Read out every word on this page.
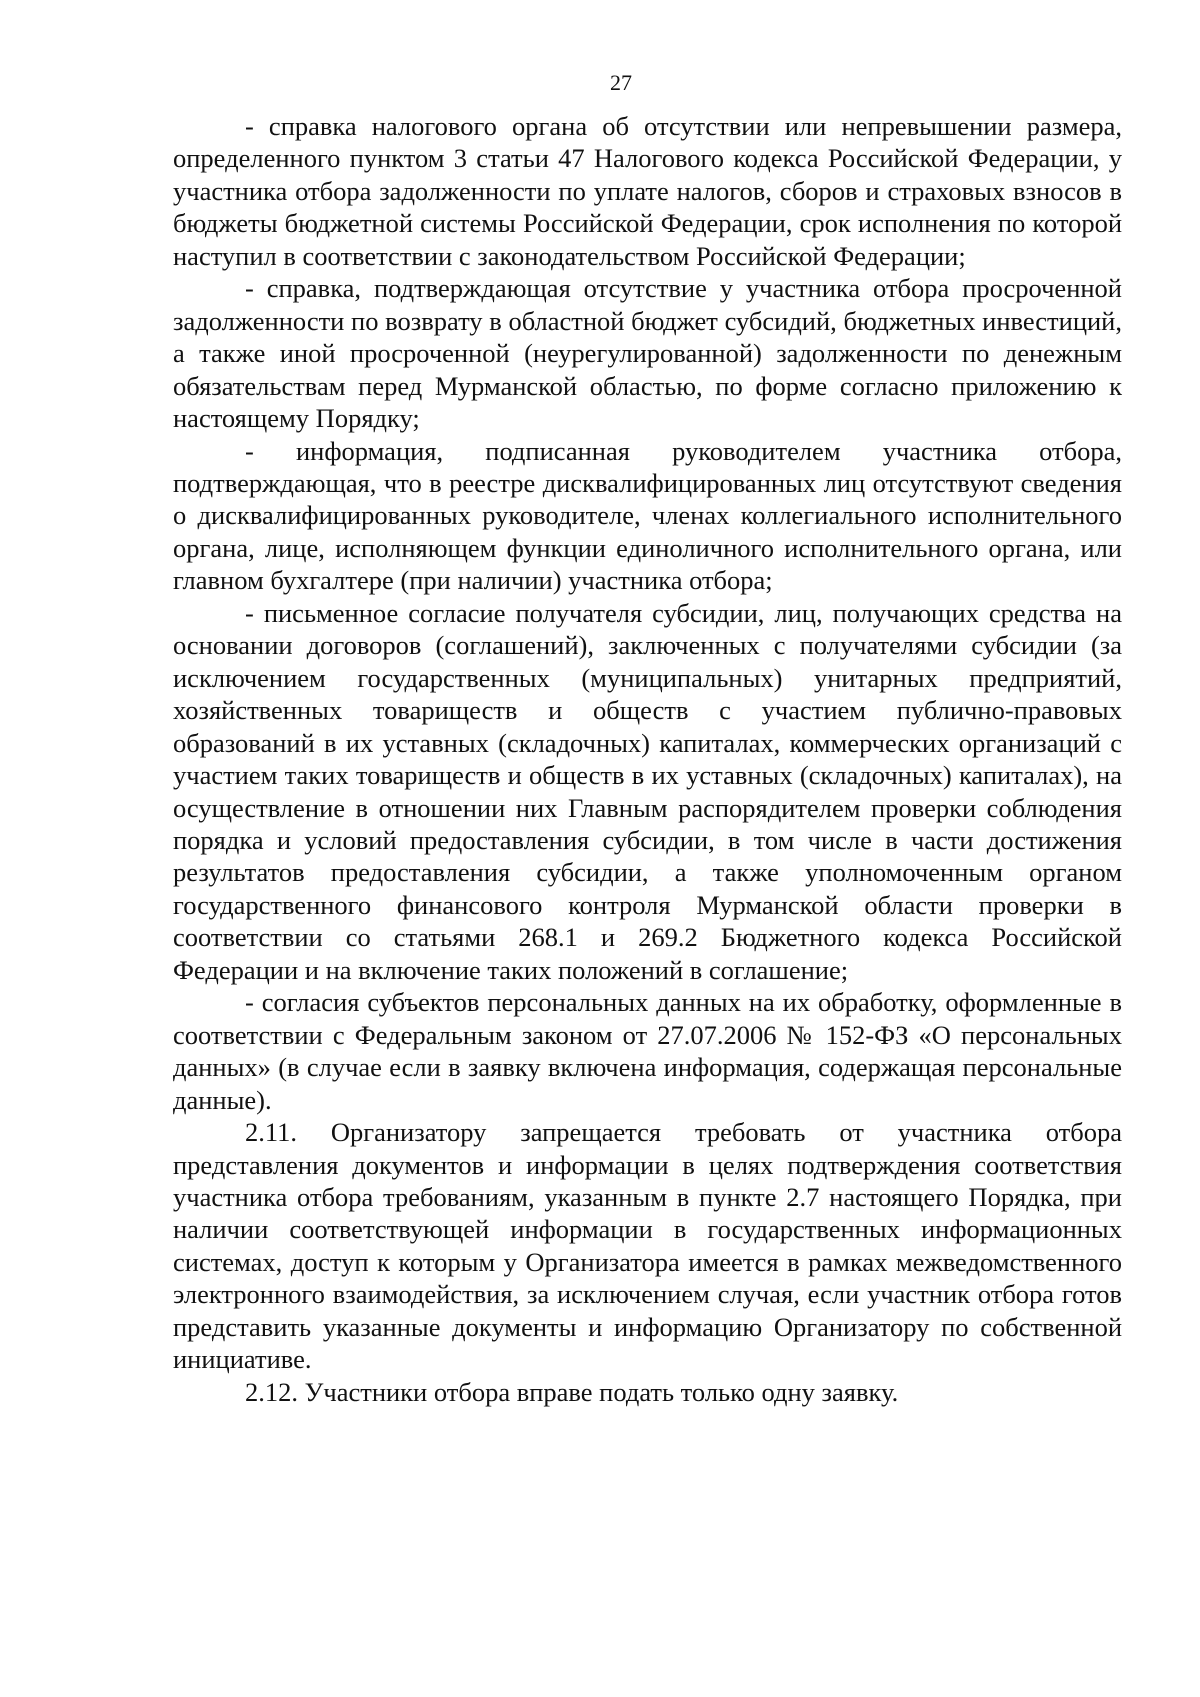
27

- справка налогового органа об отсутствии или непревышении размера, определенного пунктом 3 статьи 47 Налогового кодекса Российской Федерации, у участника отбора задолженности по уплате налогов, сборов и страховых взносов в бюджеты бюджетной системы Российской Федерации, срок исполнения по которой наступил в соответствии с законодательством Российской Федерации;

- справка, подтверждающая отсутствие у участника отбора просроченной задолженности по возврату в областной бюджет субсидий, бюджетных инвестиций, а также иной просроченной (неурегулированной) задолженности по денежным обязательствам перед Мурманской областью, по форме согласно приложению к настоящему Порядку;

- информация, подписанная руководителем участника отбора, подтверждающая, что в реестре дисквалифицированных лиц отсутствуют сведения о дисквалифицированных руководителе, членах коллегиального исполнительного органа, лице, исполняющем функции единоличного исполнительного органа, или главном бухгалтере (при наличии) участника отбора;

- письменное согласие получателя субсидии, лиц, получающих средства на основании договоров (соглашений), заключенных с получателями субсидии (за исключением государственных (муниципальных) унитарных предприятий, хозяйственных товариществ и обществ с участием публично-правовых образований в их уставных (складочных) капиталах, коммерческих организаций с участием таких товариществ и обществ в их уставных (складочных) капиталах), на осуществление в отношении них Главным распорядителем проверки соблюдения порядка и условий предоставления субсидии, в том числе в части достижения результатов предоставления субсидии, а также уполномоченным органом государственного финансового контроля Мурманской области проверки в соответствии со статьями 268.1 и 269.2 Бюджетного кодекса Российской Федерации и на включение таких положений в соглашение;

- согласия субъектов персональных данных на их обработку, оформленные в соответствии с Федеральным законом от 27.07.2006 № 152-ФЗ «О персональных данных» (в случае если в заявку включена информация, содержащая персональные данные).

2.11. Организатору запрещается требовать от участника отбора представления документов и информации в целях подтверждения соответствия участника отбора требованиям, указанным в пункте 2.7 настоящего Порядка, при наличии соответствующей информации в государственных информационных системах, доступ к которым у Организатора имеется в рамках межведомственного электронного взаимодействия, за исключением случая, если участник отбора готов представить указанные документы и информацию Организатору по собственной инициативе.

2.12. Участники отбора вправе подать только одну заявку.
